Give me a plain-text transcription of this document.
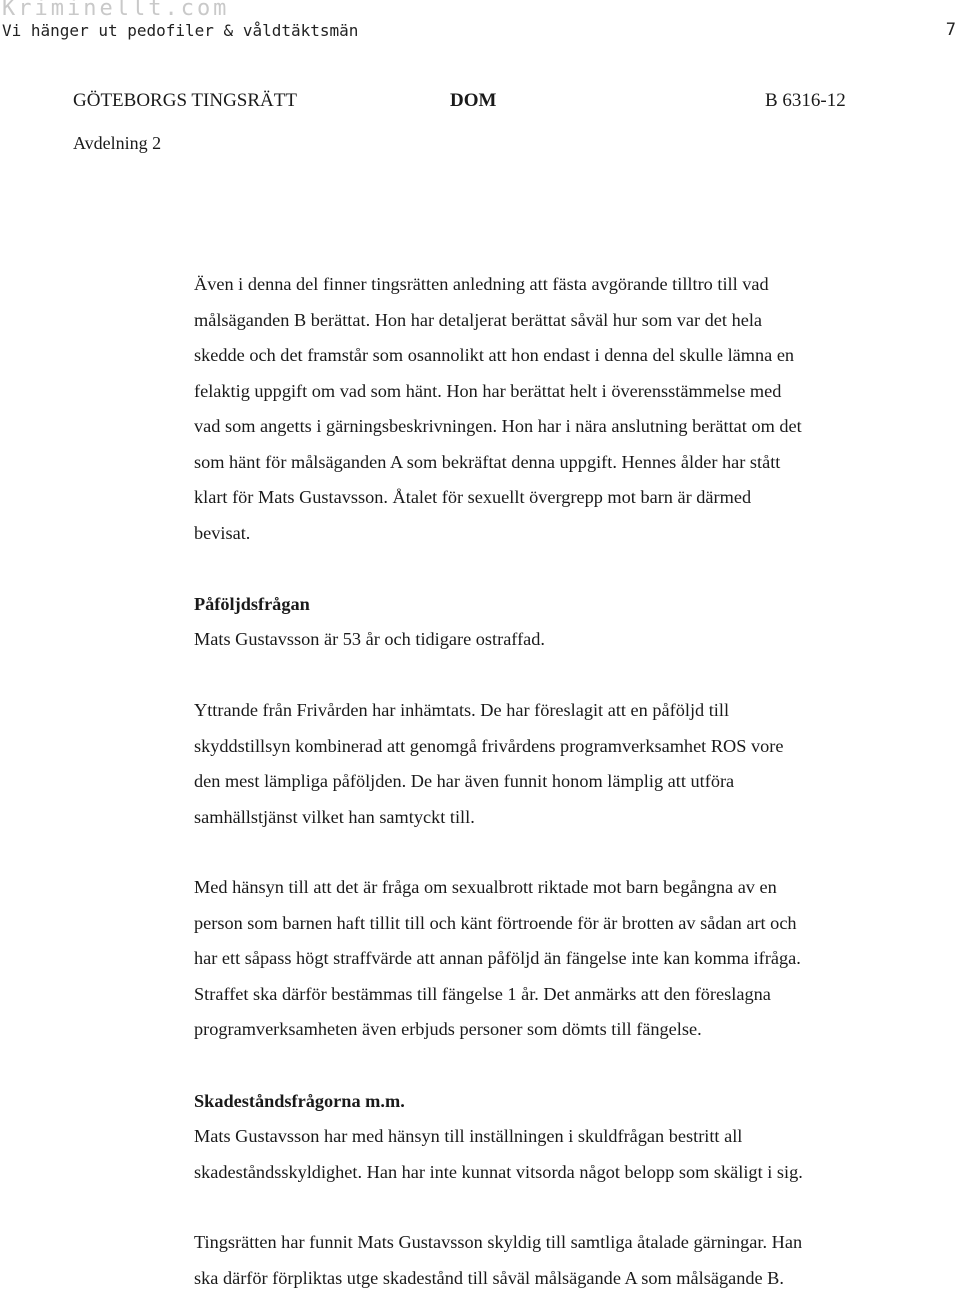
Kriminellt.com
Vi hänger ut pedofiler & våldtäktsmän	7
GÖTEBORGS TINGSRÄTT	DOM	B 6316-12
Avdelning 2
Även i denna del finner tingsrätten anledning att fästa avgörande tilltro till vad
målsäganden B berättat. Hon har detaljerat berättat såväl hur som var det hela
skedde och det framstår som osannolikt att hon endast i denna del skulle lämna en
felaktig uppgift om vad som hänt. Hon har berättat helt i överensstämmelse med
vad som angetts i gärningsbeskrivningen. Hon har i nära anslutning berättat om det
som hänt för målsäganden A som bekräftat denna uppgift. Hennes ålder har stått
klart för Mats Gustavsson. Åtalet för sexuellt övergrepp mot barn är därmed
bevisat.
Påföljdsfrågan
Mats Gustavsson är 53 år och tidigare ostraffad.
Yttrande från Frivården har inhämtats. De har föreslagit att en påföljd till
skyddstillsyn kombinerad att genomgå frivårdens programverksamhet ROS vore
den mest lämpliga påföljden. De har även funnit honom lämplig att utföra
samhällstjänst vilket han samtyckt till.
Med hänsyn till att det är fråga om sexualbrott riktade mot barn begångna av en
person som barnen haft tillit till och känt förtroende för är brotten av sådan art och
har ett såpass högt straffvärde att annan påföljd än fängelse inte kan komma ifråga.
Straffet ska därför bestämmas till fängelse 1 år. Det anmärks att den föreslagna
programverksamheten även erbjuds personer som dömts till fängelse.
Skadeståndsfrågorna m.m.
Mats Gustavsson har med hänsyn till inställningen i skuldfrågan bestritt all
skadeståndsskyldighet. Han har inte kunnat vitsorda något belopp som skäligt i sig.
Tingsrätten har funnit Mats Gustavsson skyldig till samtliga åtalade gärningar. Han
ska därför förpliktas utge skadestånd till såväl målsägande A som målsägande B.
